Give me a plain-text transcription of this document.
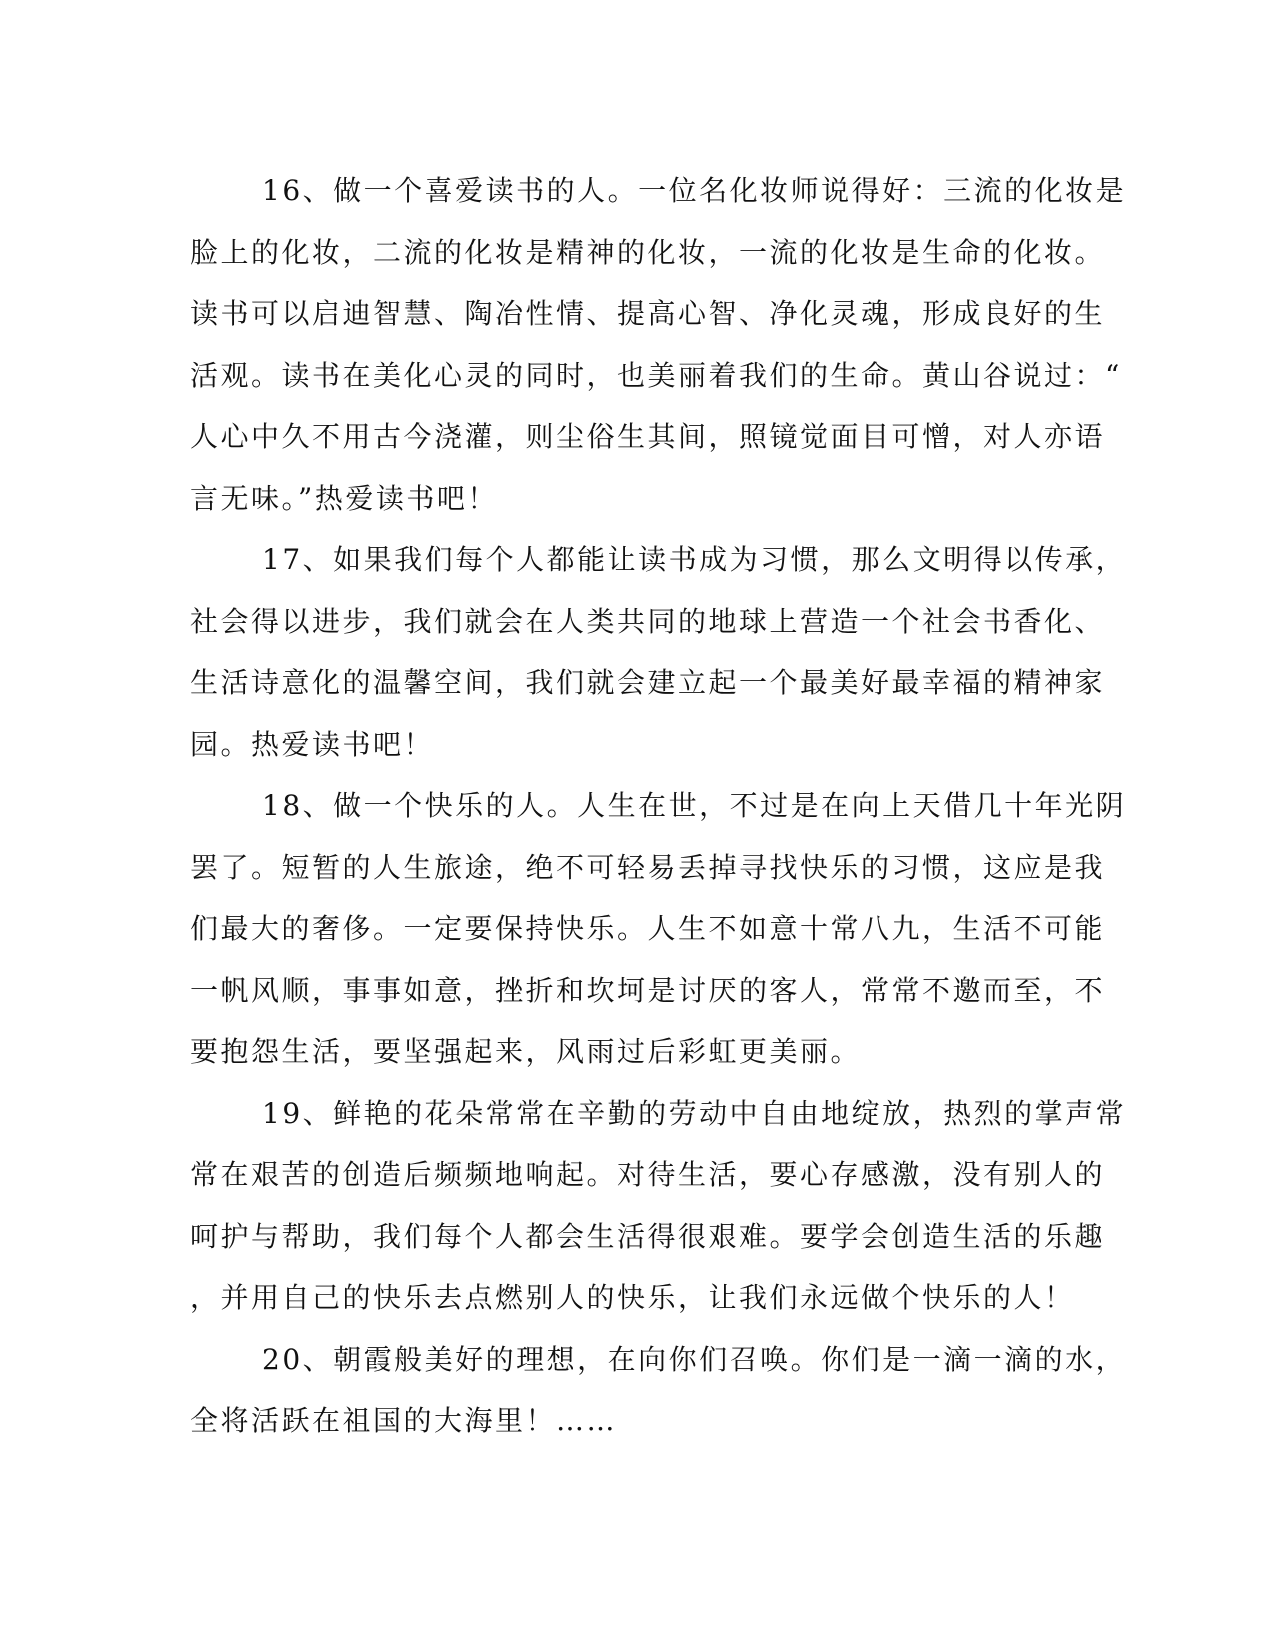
16、做一个喜爱读书的人。一位名化妆师说得好：三流的化妆是
脸上的化妆，二流的化妆是精神的化妆，一流的化妆是生命的化妆。
读书可以启迪智慧、陶冶性情、提高心智、净化灵魂，形成良好的生
活观。读书在美化心灵的同时，也美丽着我们的生命。黄山谷说过：“
人心中久不用古今浇灌，则尘俗生其间，照镜觉面目可憎，对人亦语
言无味。”热爱读书吧！
17、如果我们每个人都能让读书成为习惯，那么文明得以传承，
社会得以进步，我们就会在人类共同的地球上营造一个社会书香化、
生活诗意化的温馨空间，我们就会建立起一个最美好最幸福的精神家
园。热爱读书吧！
18、做一个快乐的人。人生在世，不过是在向上天借几十年光阴
罢了。短暂的人生旅途，绝不可轻易丢掉寻找快乐的习惯，这应是我
们最大的奢侈。一定要保持快乐。人生不如意十常八九，生活不可能
一帆风顺，事事如意，挫折和坎坷是讨厌的客人，常常不邀而至，不
要抱怨生活，要坚强起来，风雨过后彩虹更美丽。
19、鲜艳的花朵常常在辛勤的劳动中自由地绽放，热烈的掌声常
常在艰苦的创造后频频地响起。对待生活，要心存感激，没有别人的
呵护与帮助，我们每个人都会生活得很艰难。要学会创造生活的乐趣
，并用自己的快乐去点燃别人的快乐，让我们永远做个快乐的人！
20、朝霞般美好的理想，在向你们召唤。你们是一滴一滴的水，
全将活跃在祖国的大海里！……
